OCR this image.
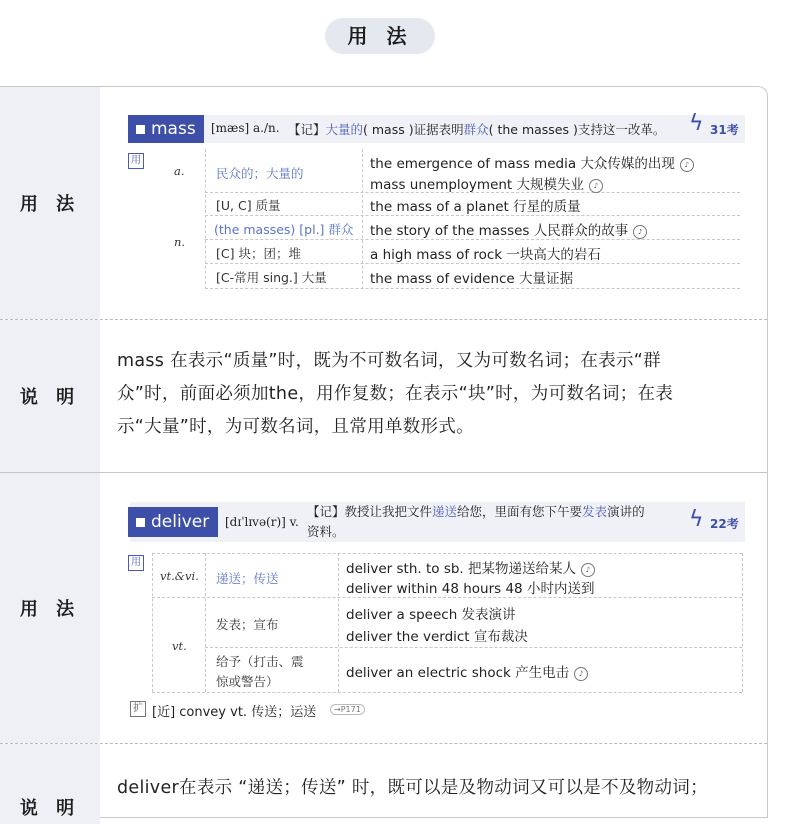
用 法
用 法
说 明
用 法
说 明
mass [mæs] a./n. 【记】大量的( mass )证据表明群众( the masses )支持这一改革。 ϟ 31考
用
a.
n.
民众的；大量的
[U, C] 质量
(the masses) [pl.] 群众
[C] 块；团；堆
[C-常用 sing.] 大量
the emergence of mass media 大众传媒的出现 ♪
mass unemployment 大规模失业 ♪
the mass of a planet 行星的质量
the story of the masses 人民群众的故事 ♪
a high mass of rock 一块高大的岩石
the mass of evidence 大量证据
mass 在表示“质量”时，既为不可数名词，又为可数名词；在表示“群
众”时，前面必须加the，用作复数；在表示“块”时，为可数名词；在表
示“大量”时，为可数名词，且常用单数形式。
deliver [dɪˈlɪvə(r)] v.
【记】教授让我把文件递送给您，里面有您下午要发表演讲的
资料。	ϟ 22考
用
vt.&vi.
vt.
递送；传送
发表；宣布
给予（打击、震
惊或警告）
deliver sth. to sb. 把某物递送给某人 ♪
deliver within 48 hours 48 小时内送到
deliver a speech 发表演讲
deliver the verdict 宣布裁决
deliver an electric shock 产生电击 ♪
扩 [近] convey vt. 传送；运送	→P171
deliver在表示 “递送；传送” 时，既可以是及物动词又可以是不及物动词；
